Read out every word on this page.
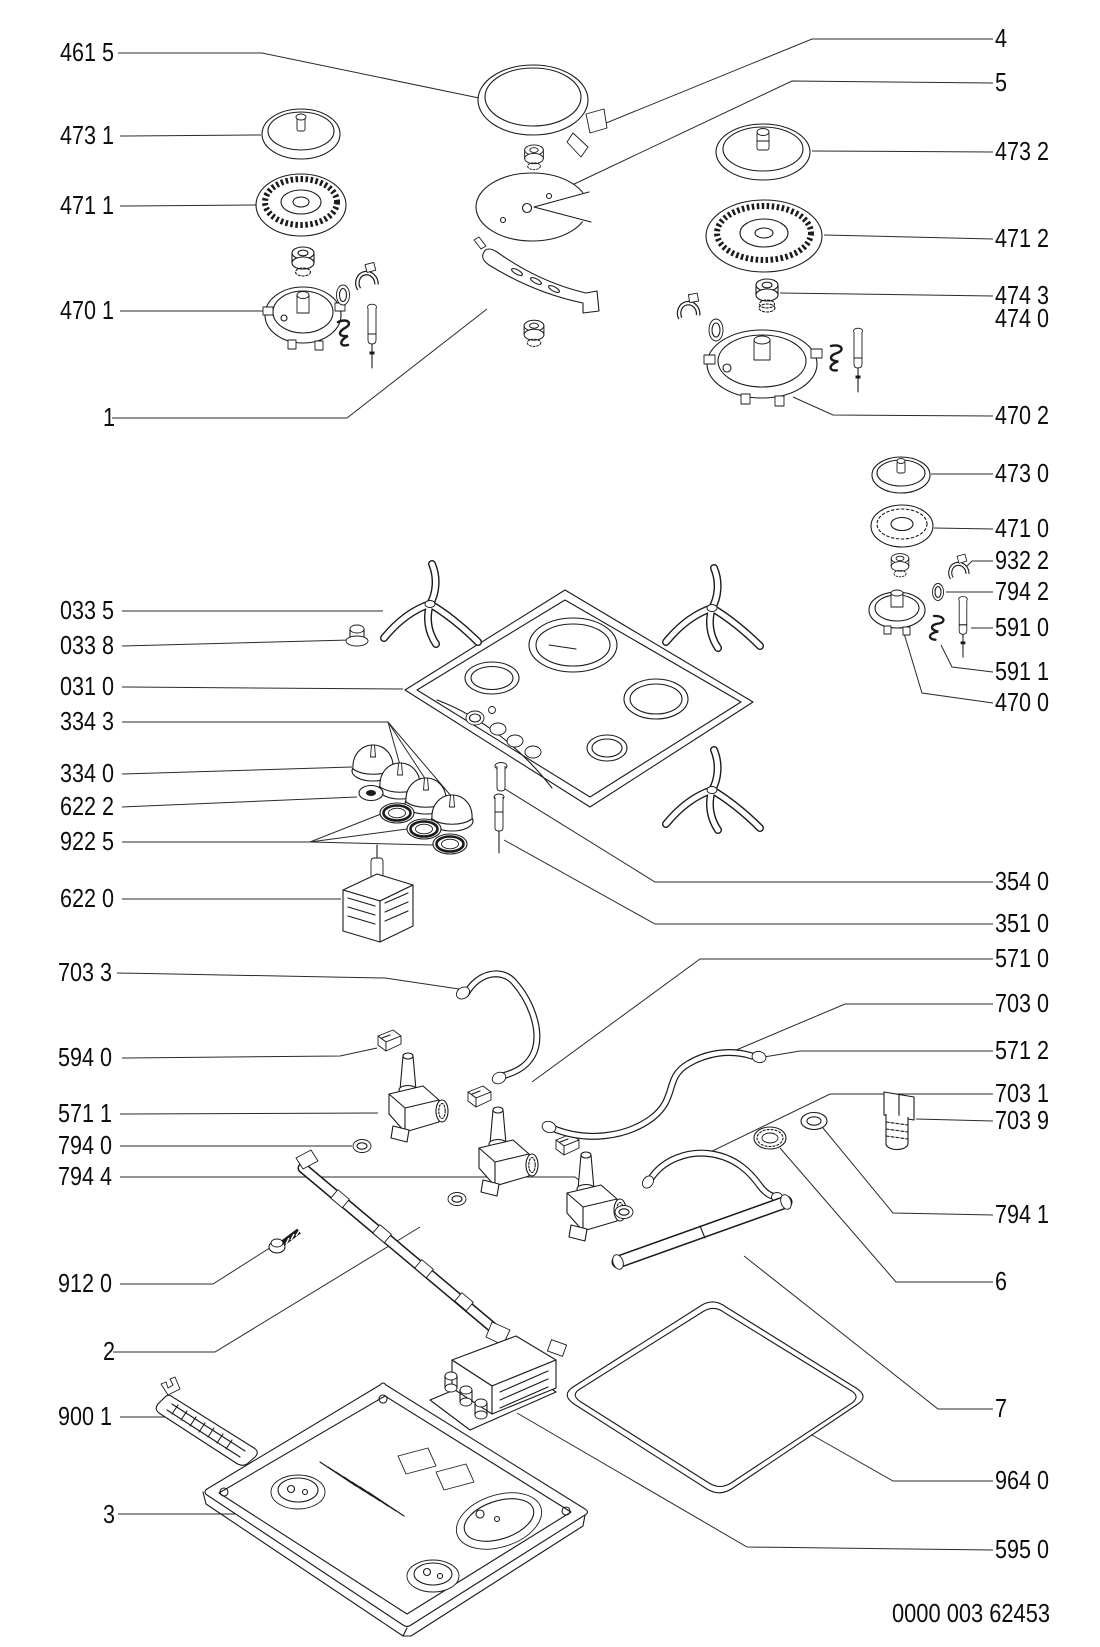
461 5
473 1
471 1
470 1
1
033 5
033 8
031 0
334 3
334 0
622 2
922 5
622 0
703 3
594 0
571 1
794 0
794 4
912 0
2
900 1
3
4
5
473 2
471 2
474 3
474 0
470 2
473 0
471 0
932 2
794 2
591 0
591 1
470 0
354 0
351 0
571 0
703 0
571 2
703 1
703 9
794 1
6
7
964 0
595 0
0000 003 62453
